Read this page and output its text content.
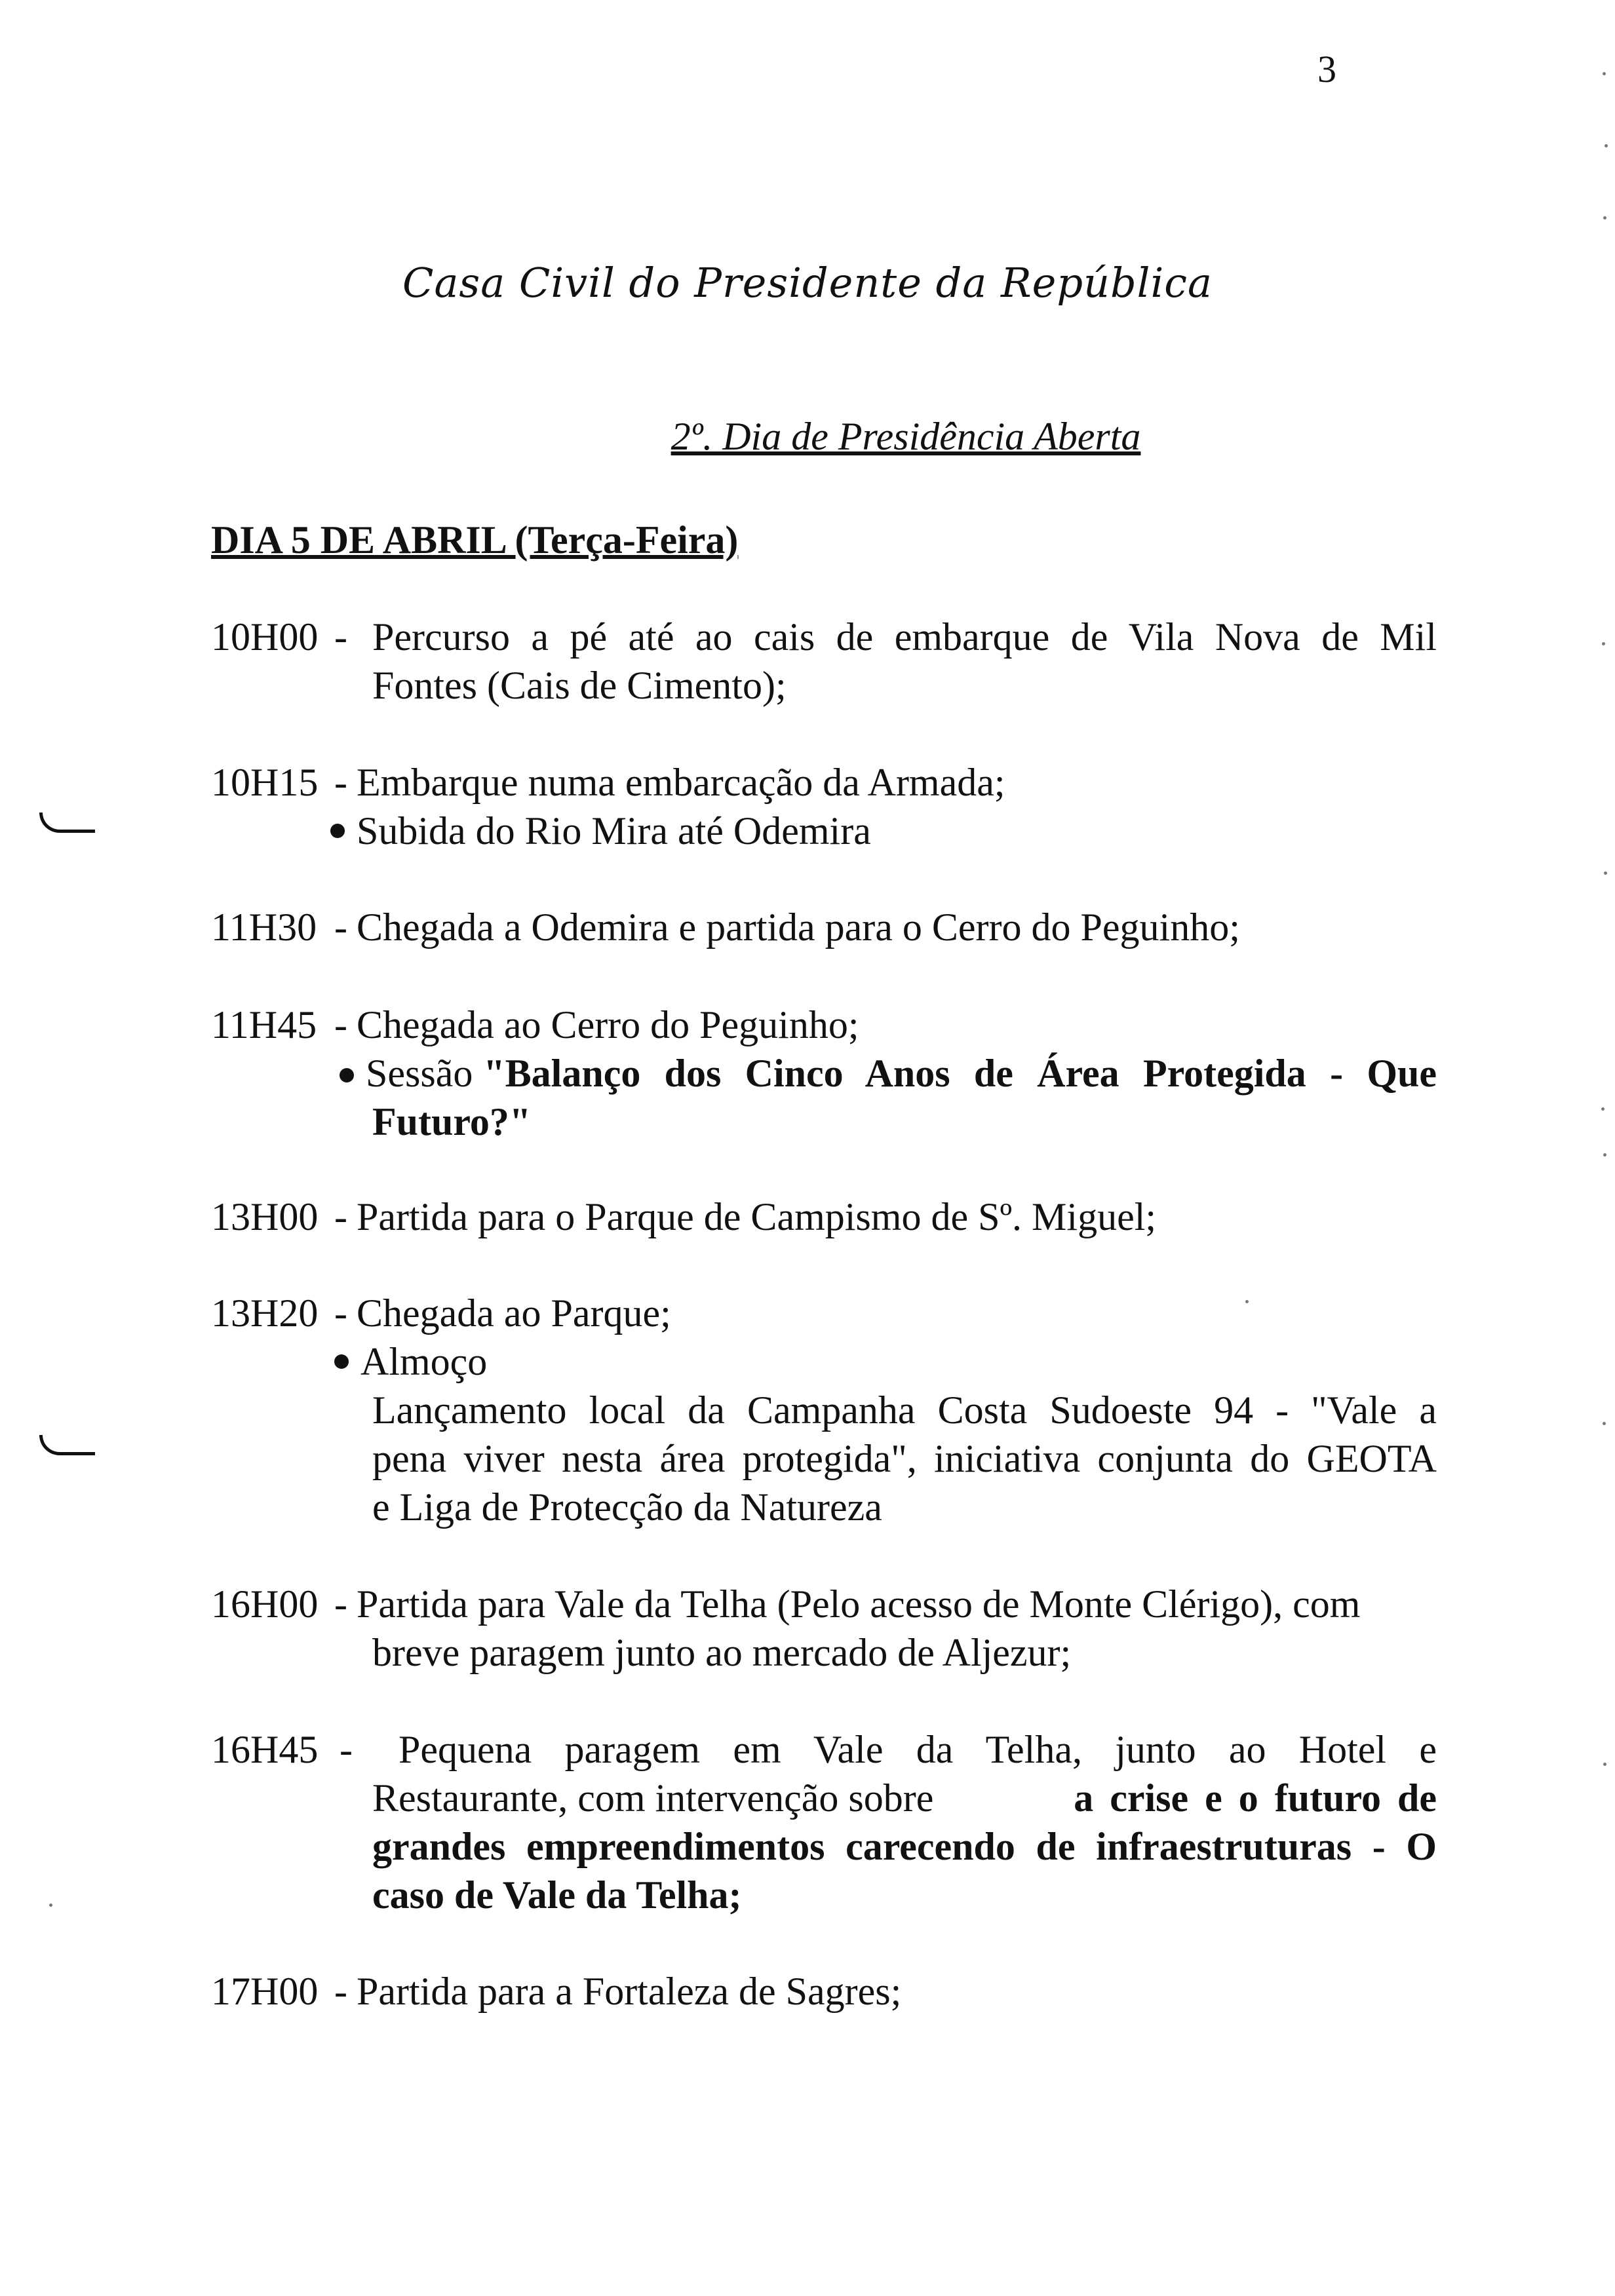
3
Casa Civil do Presidente da República
2º. Dia de Presidência Aberta
DIA 5 DE ABRIL (Terça-Feira)
10H00 - Percurso a pé até ao cais de embarque de Vila Nova de Mil
Fontes (Cais de Cimento);
10H15 - Embarque numa embarcação da Armada;
Subida do Rio Mira até Odemira
11H30 - Chegada a Odemira e partida para o Cerro do Peguinho;
11H45 - Chegada ao Cerro do Peguinho;
Sessão "Balanço dos Cinco Anos de Área Protegida - Que
Futuro?"
13H00 - Partida para o Parque de Campismo de Sº. Miguel;
13H20 - Chegada ao Parque;
Almoço
Lançamento local da Campanha Costa Sudoeste 94 - "Vale a
pena viver nesta área protegida", iniciativa conjunta do GEOTA
e Liga de Protecção da Natureza
16H00 - Partida para Vale da Telha (Pelo acesso de Monte Clérigo), com
breve paragem junto ao mercado de Aljezur;
16H45 - Pequena paragem em Vale da Telha, junto ao Hotel e
Restaurante, com intervenção sobre	a crise e o futuro de
grandes empreendimentos carecendo de infraestruturas - O
caso de Vale da Telha;
17H00 - Partida para a Fortaleza de Sagres;
